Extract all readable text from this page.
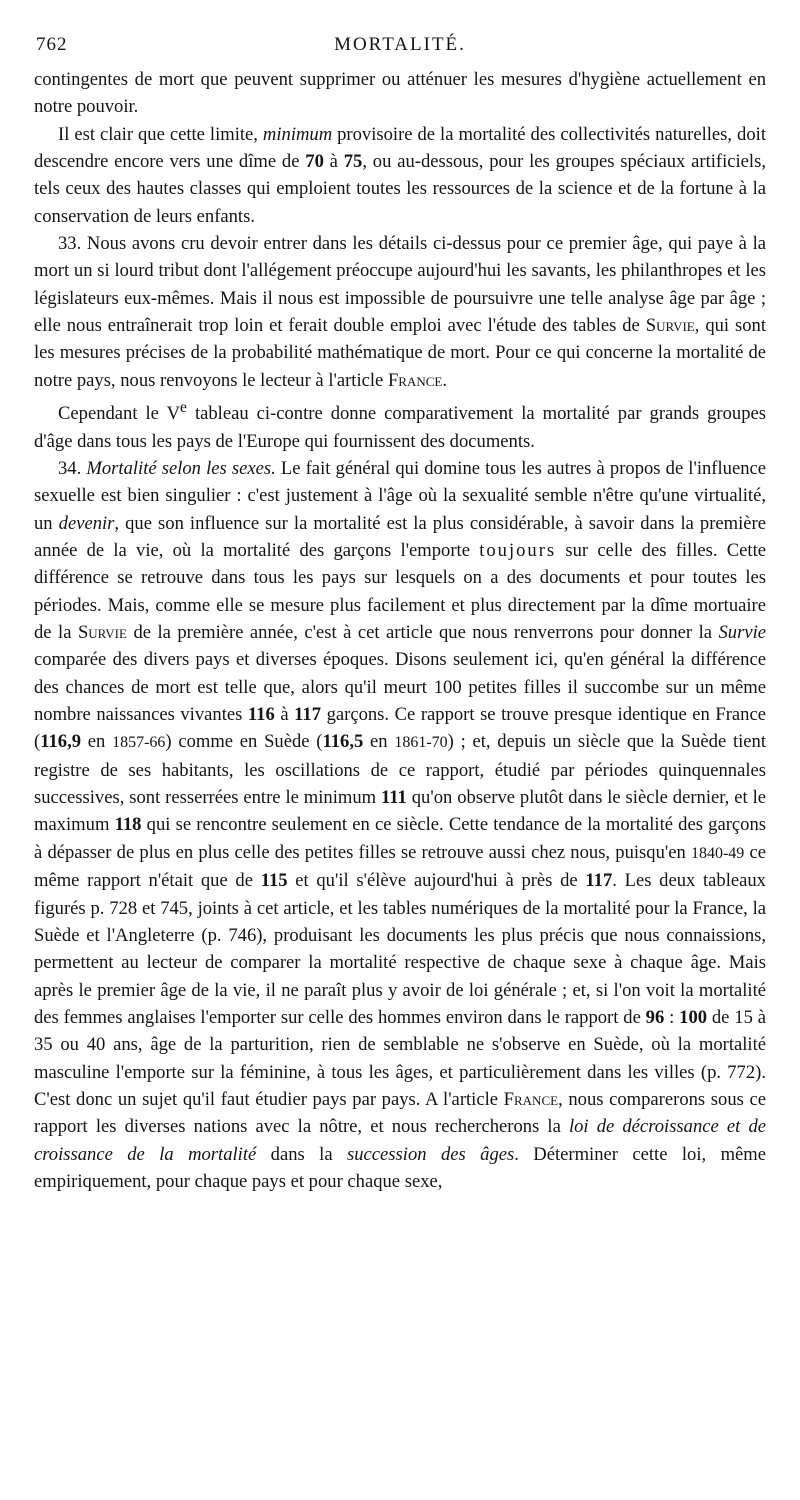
762	MORTALITÉ.

contingentes de mort que peuvent supprimer ou atténuer les mesures d'hygiène actuellement en notre pouvoir.

Il est clair que cette limite, minimum provisoire de la mortalité des collectivités naturelles, doit descendre encore vers une dîme de 70 à 75, ou au-dessous, pour les groupes spéciaux artificiels, tels ceux des hautes classes qui emploient toutes les ressources de la science et de la fortune à la conservation de leurs enfants.

33. Nous avons cru devoir entrer dans les détails ci-dessus pour ce premier âge, qui paye à la mort un si lourd tribut dont l'allégement préoccupe aujourd'hui les savants, les philanthropes et les législateurs eux-mêmes. Mais il nous est impossible de poursuivre une telle analyse âge par âge ; elle nous entraînerait trop loin et ferait double emploi avec l'étude des tables de Survie, qui sont les mesures précises de la probabilité mathématique de mort. Pour ce qui concerne la mortalité de notre pays, nous renvoyons le lecteur à l'article France.

Cependant le Ve tableau ci-contre donne comparativement la mortalité par grands groupes d'âge dans tous les pays de l'Europe qui fournissent des documents.

34. Mortalité selon les sexes. Le fait général qui domine tous les autres à propos de l'influence sexuelle est bien singulier : c'est justement à l'âge où la sexualité semble n'être qu'une virtualité, un devenir, que son influence sur la mortalité est la plus considérable, à savoir dans la première année de la vie, où la mortalité des garçons l'emporte toujours sur celle des filles. Cette différence se retrouve dans tous les pays sur lesquels on a des documents et pour toutes les périodes. Mais, comme elle se mesure plus facilement et plus directement par la dîme mortuaire de la Survie de la première année, c'est à cet article que nous renverrons pour donner la Survie comparée des divers pays et diverses époques. Disons seulement ici, qu'en général la différence des chances de mort est telle que, alors qu'il meurt 100 petites filles il succombe sur un même nombre naissances vivantes 116 à 117 garçons. Ce rapport se trouve presque identique en France (116,9 en 1857-66) comme en Suède (116,5 en 1861-70) ; et, depuis un siècle que la Suède tient registre de ses habitants, les oscillations de ce rapport, étudié par périodes quinquennales successives, sont resserrées entre le minimum 111 qu'on observe plutôt dans le siècle dernier, et le maximum 118 qui se rencontre seulement en ce siècle. Cette tendance de la mortalité des garçons à dépasser de plus en plus celle des petites filles se retrouve aussi chez nous, puisqu'en 1840-49 ce même rapport n'était que de 115 et qu'il s'élève aujourd'hui à près de 117. Les deux tableaux figurés p. 728 et 745, joints à cet article, et les tables numériques de la mortalité pour la France, la Suède et l'Angleterre (p. 746), produisant les documents les plus précis que nous connaissions, permettent au lecteur de comparer la mortalité respective de chaque sexe à chaque âge. Mais après le premier âge de la vie, il ne paraît plus y avoir de loi générale ; et, si l'on voit la mortalité des femmes anglaises l'emporter sur celle des hommes environ dans le rapport de 96 : 100 de 15 à 35 ou 40 ans, âge de la parturition, rien de semblable ne s'observe en Suède, où la mortalité masculine l'emporte sur la féminine, à tous les âges, et particulièrement dans les villes (p. 772). C'est donc un sujet qu'il faut étudier pays par pays. A l'article France, nous comparerons sous ce rapport les diverses nations avec la nôtre, et nous rechercherons la loi de décroissance et de croissance de la mortalité dans la succession des âges. Déterminer cette loi, même empiriquement, pour chaque pays et pour chaque sexe,
